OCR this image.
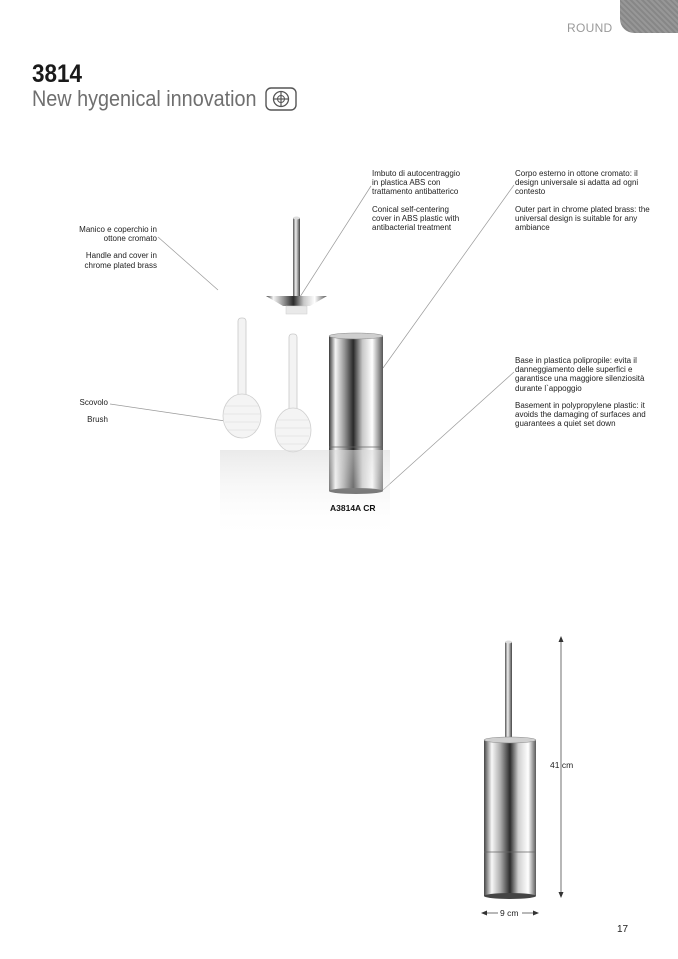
ROUND
3814
New hygenical innovation

Manico e coperchio in ottone cromato

Handle and cover in chrome plated brass

Imbuto di autocentraggio in plastica ABS con trattamento antibatterico

Conical self-centering cover in ABS plastic with antibacterial treatment

Corpo esterno in ottone cromato: il design universale si adatta ad ogni contesto

Outer part in chrome plated brass: the universal design is suitable for any ambiance

Base in plastica polipropile: evita il danneggiamento delle superfici e garantisce una maggiore silenziosità durante l`appoggio

Basement in polypropylene plastic: it avoids the damaging of surfaces and guarantees a quiet set down

Scovolo

Brush

A3814A CR
41 cm
9 cm
17
